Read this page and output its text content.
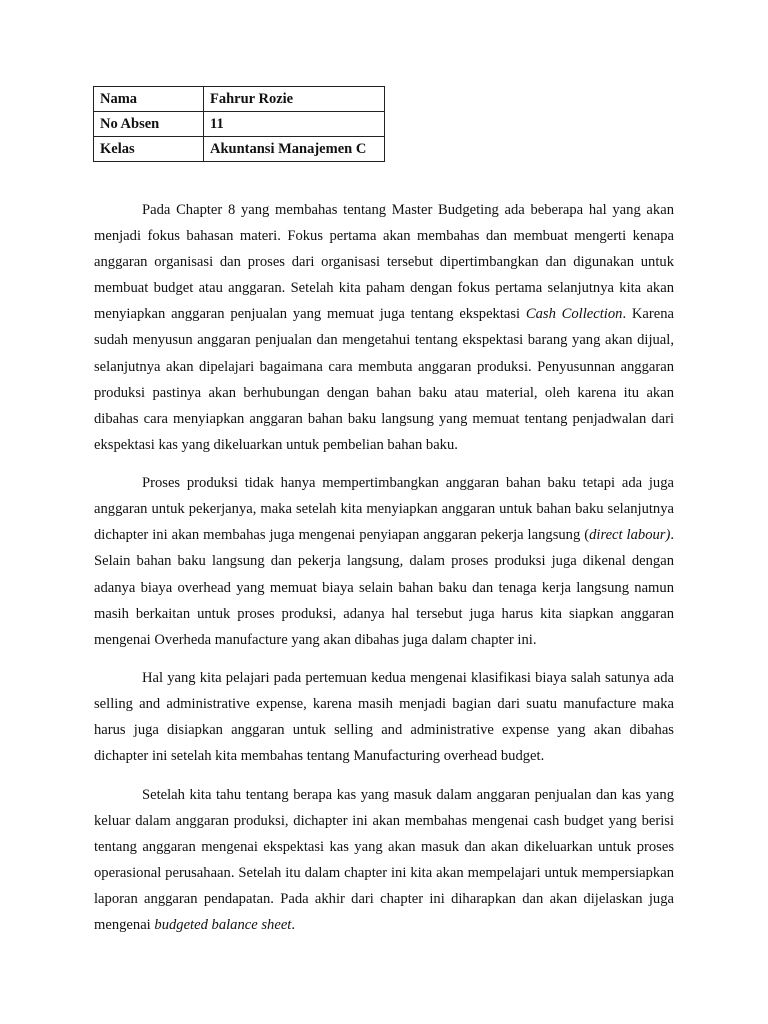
Nama	Fahrur Rozie
No Absen	11
Kelas	Akuntansi Manajemen C

Pada Chapter 8 yang membahas tentang Master Budgeting ada beberapa hal yang akan menjadi fokus bahasan materi. Fokus pertama akan membahas dan membuat mengerti kenapa anggaran organisasi dan proses dari organisasi tersebut dipertimbangkan dan digunakan untuk membuat budget atau anggaran. Setelah kita paham dengan fokus pertama selanjutnya kita akan menyiapkan anggaran penjualan yang memuat juga tentang ekspektasi Cash Collection. Karena sudah menyusun anggaran penjualan dan mengetahui tentang ekspektasi barang yang akan dijual, selanjutnya akan dipelajari bagaimana cara membuta anggaran produksi. Penyusunnan anggaran produksi pastinya akan berhubungan dengan bahan baku atau material, oleh karena itu akan dibahas cara menyiapkan anggaran bahan baku langsung yang memuat tentang penjadwalan dari ekspektasi kas yang dikeluarkan untuk pembelian bahan baku.

Proses produksi tidak hanya mempertimbangkan anggaran bahan baku tetapi ada juga anggaran untuk pekerjanya, maka setelah kita menyiapkan anggaran untuk bahan baku selanjutnya dichapter ini akan membahas juga mengenai penyiapan anggaran pekerja langsung (direct labour). Selain bahan baku langsung dan pekerja langsung, dalam proses produksi juga dikenal dengan adanya biaya overhead yang memuat biaya selain bahan baku dan tenaga kerja langsung namun masih berkaitan untuk proses produksi, adanya hal tersebut juga harus kita siapkan anggaran mengenai Overheda manufacture yang akan dibahas juga dalam chapter ini.

Hal yang kita pelajari pada pertemuan kedua mengenai klasifikasi biaya salah satunya ada selling and administrative expense, karena masih menjadi bagian dari suatu manufacture maka harus juga disiapkan anggaran untuk selling and administrative expense yang akan dibahas dichapter ini setelah kita membahas tentang Manufacturing overhead budget.

Setelah kita tahu tentang berapa kas yang masuk dalam anggaran penjualan dan kas yang keluar dalam anggaran produksi, dichapter ini akan membahas mengenai cash budget yang berisi tentang anggaran mengenai ekspektasi kas yang akan masuk dan akan dikeluarkan untuk proses operasional perusahaan. Setelah itu dalam chapter ini kita akan mempelajari untuk mempersiapkan laporan anggaran pendapatan. Pada akhir dari chapter ini diharapkan dan akan dijelaskan juga mengenai budgeted balance sheet.
